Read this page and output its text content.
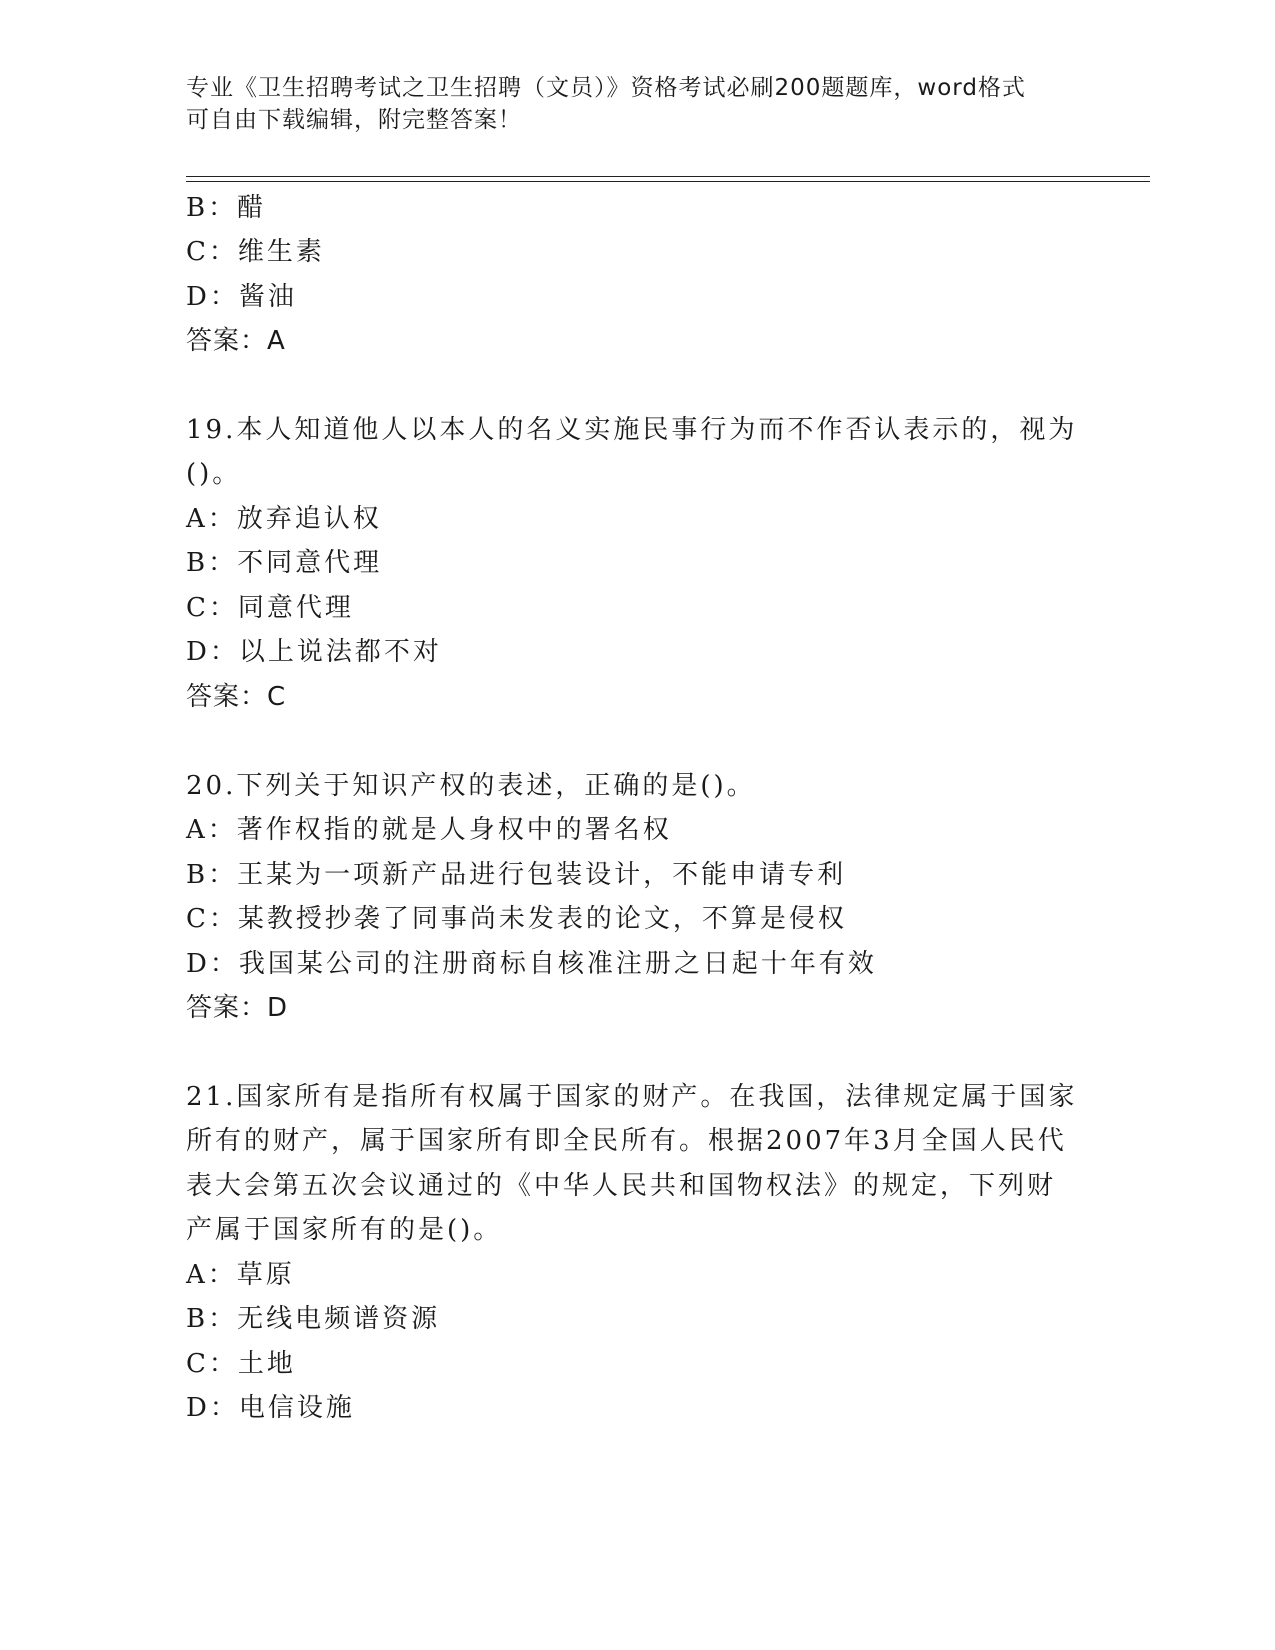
专业《卫生招聘考试之卫生招聘（文员）》资格考试必刷200题题库，word格式
可自由下载编辑，附完整答案！
B：醋
C：维生素
D：酱油
答案：A
19.本人知道他人以本人的名义实施民事行为而不作否认表示的，视为
()。
A：放弃追认权
B：不同意代理
C：同意代理
D：以上说法都不对
答案：C
20.下列关于知识产权的表述，正确的是()。
A：著作权指的就是人身权中的署名权
B：王某为一项新产品进行包装设计，不能申请专利
C：某教授抄袭了同事尚未发表的论文，不算是侵权
D：我国某公司的注册商标自核准注册之日起十年有效
答案：D
21.国家所有是指所有权属于国家的财产。在我国，法律规定属于国家
所有的财产，属于国家所有即全民所有。根据2007年3月全国人民代
表大会第五次会议通过的《中华人民共和国物权法》的规定，下列财
产属于国家所有的是()。
A：草原
B：无线电频谱资源
C：土地
D：电信设施
